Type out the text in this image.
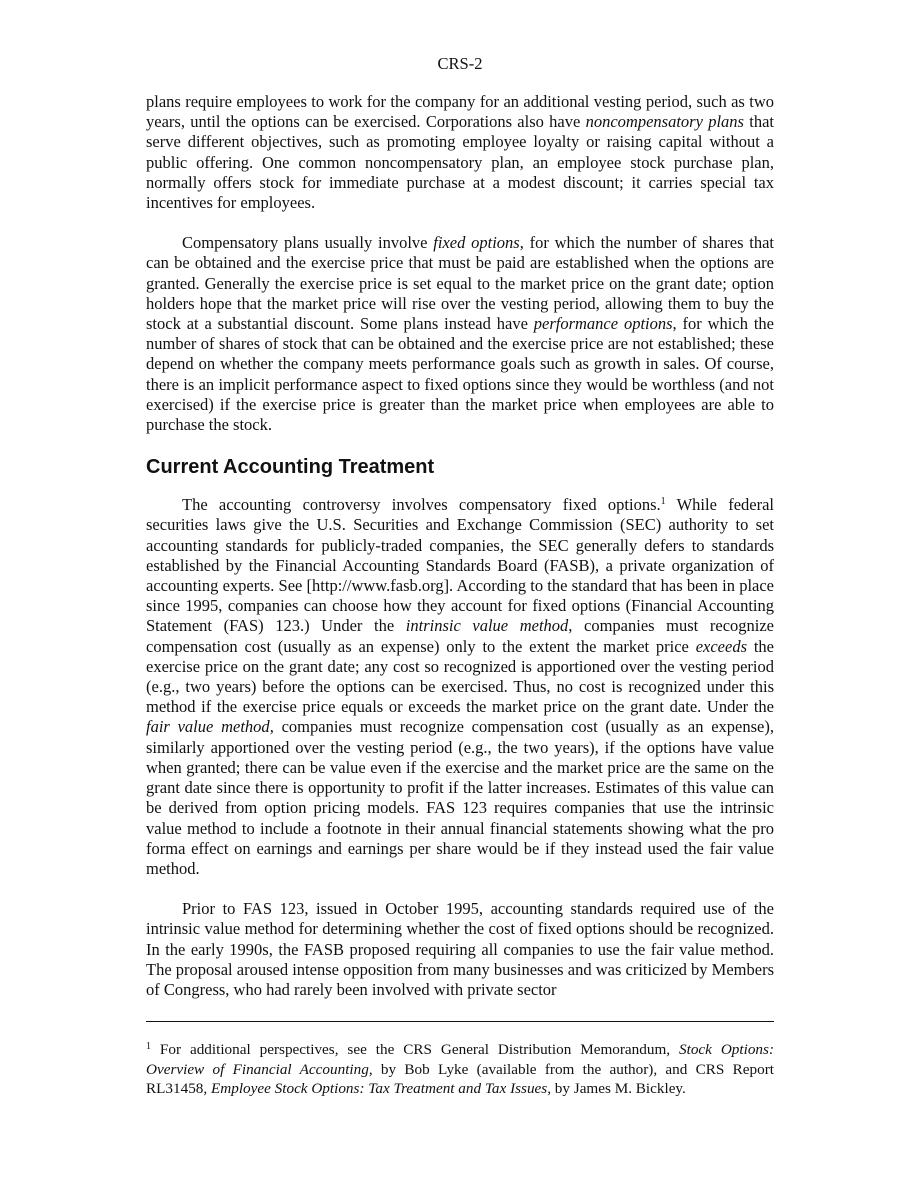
CRS-2

plans require employees to work for the company for an additional vesting period, such as two years, until the options can be exercised. Corporations also have noncompensatory plans that serve different objectives, such as promoting employee loyalty or raising capital without a public offering. One common noncompensatory plan, an employee stock purchase plan, normally offers stock for immediate purchase at a modest discount; it carries special tax incentives for employees.

Compensatory plans usually involve fixed options, for which the number of shares that can be obtained and the exercise price that must be paid are established when the options are granted. Generally the exercise price is set equal to the market price on the grant date; option holders hope that the market price will rise over the vesting period, allowing them to buy the stock at a substantial discount. Some plans instead have performance options, for which the number of shares of stock that can be obtained and the exercise price are not established; these depend on whether the company meets performance goals such as growth in sales. Of course, there is an implicit performance aspect to fixed options since they would be worthless (and not exercised) if the exercise price is greater than the market price when employees are able to purchase the stock.

Current Accounting Treatment

The accounting controversy involves compensatory fixed options.$^1$ While federal securities laws give the U.S. Securities and Exchange Commission (SEC) authority to set accounting standards for publicly-traded companies, the SEC generally defers to standards established by the Financial Accounting Standards Board (FASB), a private organization of accounting experts. See [http://www.fasb.org]. According to the standard that has been in place since 1995, companies can choose how they account for fixed options (Financial Accounting Statement (FAS) 123.) Under the intrinsic value method, companies must recognize compensation cost (usually as an expense) only to the extent the market price exceeds the exercise price on the grant date; any cost so recognized is apportioned over the vesting period (e.g., two years) before the options can be exercised. Thus, no cost is recognized under this method if the exercise price equals or exceeds the market price on the grant date. Under the fair value method, companies must recognize compensation cost (usually as an expense), similarly apportioned over the vesting period (e.g., the two years), if the options have value when granted; there can be value even if the exercise and the market price are the same on the grant date since there is opportunity to profit if the latter increases. Estimates of this value can be derived from option pricing models. FAS 123 requires companies that use the intrinsic value method to include a footnote in their annual financial statements showing what the pro forma effect on earnings and earnings per share would be if they instead used the fair value method.

Prior to FAS 123, issued in October 1995, accounting standards required use of the intrinsic value method for determining whether the cost of fixed options should be recognized. In the early 1990s, the FASB proposed requiring all companies to use the fair value method. The proposal aroused intense opposition from many businesses and was criticized by Members of Congress, who had rarely been involved with private sector

$^1$ For additional perspectives, see the CRS General Distribution Memorandum, Stock Options: Overview of Financial Accounting, by Bob Lyke (available from the author), and CRS Report RL31458, Employee Stock Options: Tax Treatment and Tax Issues, by James M. Bickley.
